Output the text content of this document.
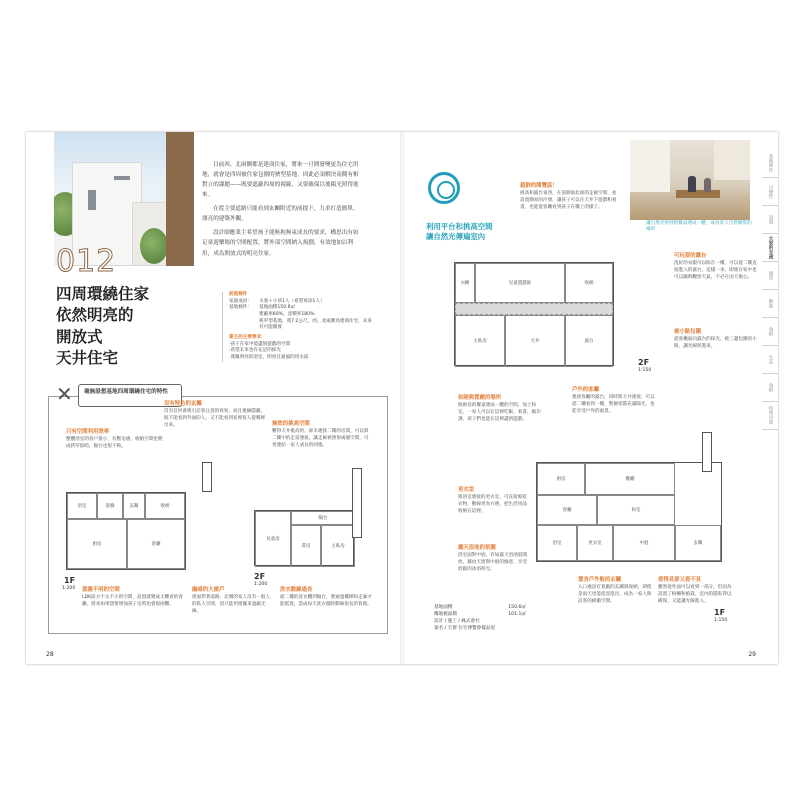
012
四周環繞住家
依然明亮的
開放式
天井住宅

目前西、北兩側都是建商住家，將來一旦開發變更為住宅用地，就會是四周被住家包圍的狹型基地。因此必須解決南側有相對立的課題——既要遮蔽四周的視線，又要確保以後陽光照得進來。

在從主要道路只能看到玄關附近的前提下，力求打造簡單、漂亮的建築外觀。

設計師應業主希望孩子能無拘無束成長的要求，構思出有如足童遊樂場的空間配置，將外部空間納入規劃，有效地加以利用，成為開放式的明亮住家。

前提條件
家庭成員：	夫妻＋小孩1人（希望再添1人）
基地條件：	基地面積150.6㎡
建蔽率60%、容積率180%
狹窄型基地，寬7.2公尺、西、北兩側為建商住宅，未來有可能開發
業主的主要要求
‧孩子在家中能盡情遊戲的空間
‧希望未來也有充足的採光
‧寬敞明亮的浴室，明亮且通風的用水區
✕	毫無設想基地四周環繞住宅的特性
只有空間利用效率
整體浴室的客戶很小，有壓迫感，收納空間也變成狹窄陰暗，陽台也很不夠。
沒有特色的玄關
沒有任何會吸引訪客注意的效果，而且視線隱藏，既不能看到外面的人，又不能看到家裡客人從哪裡出來。	無效的挑高空間
難得天井挑高的，卻未連接二樓的房間，可以與二樓中的走道連接，讓走廊被照射兩個空間，可更連結一家人成長的回憶。
意義不明的空間
LDK區方不太不小的空間，設置就變成太難看的客廳，將來如果想要增加孩子房時也會很困難。
幽暗的大窗戶
窗面對著道路，北側的家人沒有一般人的私人空間，因只能用窗簾來遮蔽光線。
洗衣動線過長
從二樓的洗衣機到陽台，要通過樓梯和走廊才能抵達，造成每天洗衣服時動線很長的負擔。
浴室	洗臉	玄關
客廳
廚房
收納
1F
1:200
兒童房
書房	主臥房
陽台
2F
1:200
28
利用平台和挑高空間
讓自然光傳遍室內
讓自然光照到的餐桌連成一體，成為家人自然聚集的場所
超群的閱覽區！
挑高和露台東西，在南側面北面的走廊空間，並設置簡易的沙發，讓孩子可以在天井下遊戲和看書，也能從客廳看到孩子在樓上的樣子。
可玩耍的露台
洗好的衣服可以晾在一樓，可以從二樓直接進入的露台，這樣一來，即使在家中也可以隨時觀察天氣，不必在雨天擔心。
被小路包圍
從客廳面向露台的採光，被三邊包圍的小路，讓光線照進來。
兒童遊戲區
主臥房	露台
天井
衣櫥	收納
2F
1:150
和睦與寬敞的場所
與廚房的餐桌連成一體的空間，加上和室，一家人可以在這裡吃飯、看書、做功課，孩子們也能在這裡盡情遊戲。
戶外的客廳
連接客廳的露台，同時與天井連接，可以從二樓看到一樓，整個家都充滿陽光，也能享受戶外的風景。
更衣室
與浴室連接的更衣室，可直接晾乾衣物，動線更為方便，把生活用品收納在這裡。
露天浴池的氛圍
浴室面對中庭，有如露天浴池般開放，藉由天窗與中庭的綠意，享受放鬆的沐浴時光。
廚房	餐廳
客廳	和室
浴室	更衣室	中庭	玄關
1F
1:150
置身戶外般的玄關
入口處設有寬敞的玄關與收納，即使是雨天也能從容進出，成為一家人與訪客的緩衝空間。
看得見卻又看不見
雖然從外面可以看到一部分，但因為設置了格柵和植栽，室內的隱私得以確保，又能讓光線進入。
基地面積	150.6㎡
樓地板面積	101.1㎡
設計 / 施工 / 株式會社
案名 / 天窗 住宅博覽會樣品屋
基地條件
可變性
設置
大家的交流
個景
動線
收納
生活
收納
特殊房間
29
